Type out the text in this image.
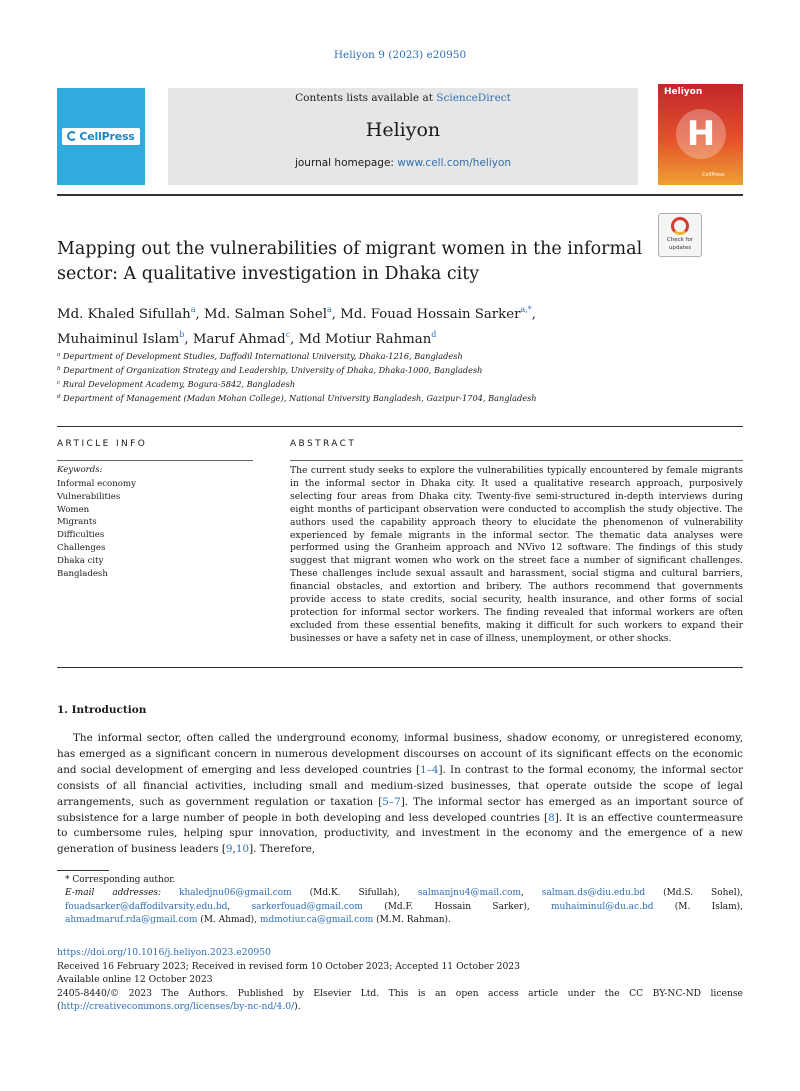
Heliyon 9 (2023) e20950
CellPress
Contents lists available at ScienceDirect
Heliyon
journal homepage: www.cell.com/heliyon
Heliyon
H
CellPress
Check for
updates
Mapping out the vulnerabilities of migrant women in the informal sector: A qualitative investigation in Dhaka city
Md. Khaled Sifullah$^a$, Md. Salman Sohel$^a$, Md. Fouad Hossain Sarker$^{a,*}$,
Muhaiminul Islam$^b$, Maruf Ahmad$^c$, Md Motiur Rahman$^d$
$^a$ Department of Development Studies, Daffodil International University, Dhaka-1216, Bangladesh
$^b$ Department of Organization Strategy and Leadership, University of Dhaka, Dhaka-1000, Bangladesh
$^c$ Rural Development Academy, Bogura-5842, Bangladesh
$^d$ Department of Management (Madan Mohan College), National University Bangladesh, Gazipur-1704, Bangladesh
ARTICLE INFO	ABSTRACT
Keywords:
Informal economy
Vulnerabilities
Women
Migrants
Difficulties
Challenges
Dhaka city
Bangladesh
The current study seeks to explore the vulnerabilities typically encountered by female migrants in the informal sector in Dhaka city. It used a qualitative research approach, purposively selecting four areas from Dhaka city. Twenty-five semi-structured in-depth interviews during eight months of participant observation were conducted to accomplish the study objective. The authors used the capability approach theory to elucidate the phenomenon of vulnerability experienced by female migrants in the informal sector. The thematic data analyses were performed using the Granheim approach and NVivo 12 software. The findings of this study suggest that migrant women who work on the street face a number of significant challenges. These challenges include sexual assault and harassment, social stigma and cultural barriers, financial obstacles, and extortion and bribery. The authors recommend that governments provide access to state credits, social security, health insurance, and other forms of social protection for informal sector workers. The finding revealed that informal workers are often excluded from these essential benefits, making it difficult for such workers to expand their businesses or have a safety net in case of illness, unemployment, or other shocks.
1. Introduction
The informal sector, often called the underground economy, informal business, shadow economy, or unregistered economy, has emerged as a significant concern in numerous development discourses on account of its significant effects on the economic and social development of emerging and less developed countries [1–4]. In contrast to the formal economy, the informal sector consists of all financial activities, including small and medium-sized businesses, that operate outside the scope of legal arrangements, such as government regulation or taxation [5–7]. The informal sector has emerged as an important source of subsistence for a large number of people in both developing and less developed countries [8]. It is an effective countermeasure to cumbersome rules, helping spur innovation, productivity, and investment in the economy and the emergence of a new generation of business leaders [9,10]. Therefore,
* Corresponding author.
E-mail addresses: khaledjnu06@gmail.com (Md.K. Sifullah), salmanjnu4@mail.com, salman.ds@diu.edu.bd (Md.S. Sohel), fouadsarker@daffodilvarsity.edu.bd, sarkerfouad@gmail.com (Md.F. Hossain Sarker), muhaiminul@du.ac.bd (M. Islam), ahmadmaruf.rda@gmail.com (M. Ahmad), mdmotiur.ca@gmail.com (M.M. Rahman).
https://doi.org/10.1016/j.heliyon.2023.e20950
Received 16 February 2023; Received in revised form 10 October 2023; Accepted 11 October 2023
Available online 12 October 2023
2405-8440/© 2023 The Authors. Published by Elsevier Ltd. This is an open access article under the CC BY-NC-ND license (http://creativecommons.org/licenses/by-nc-nd/4.0/).
